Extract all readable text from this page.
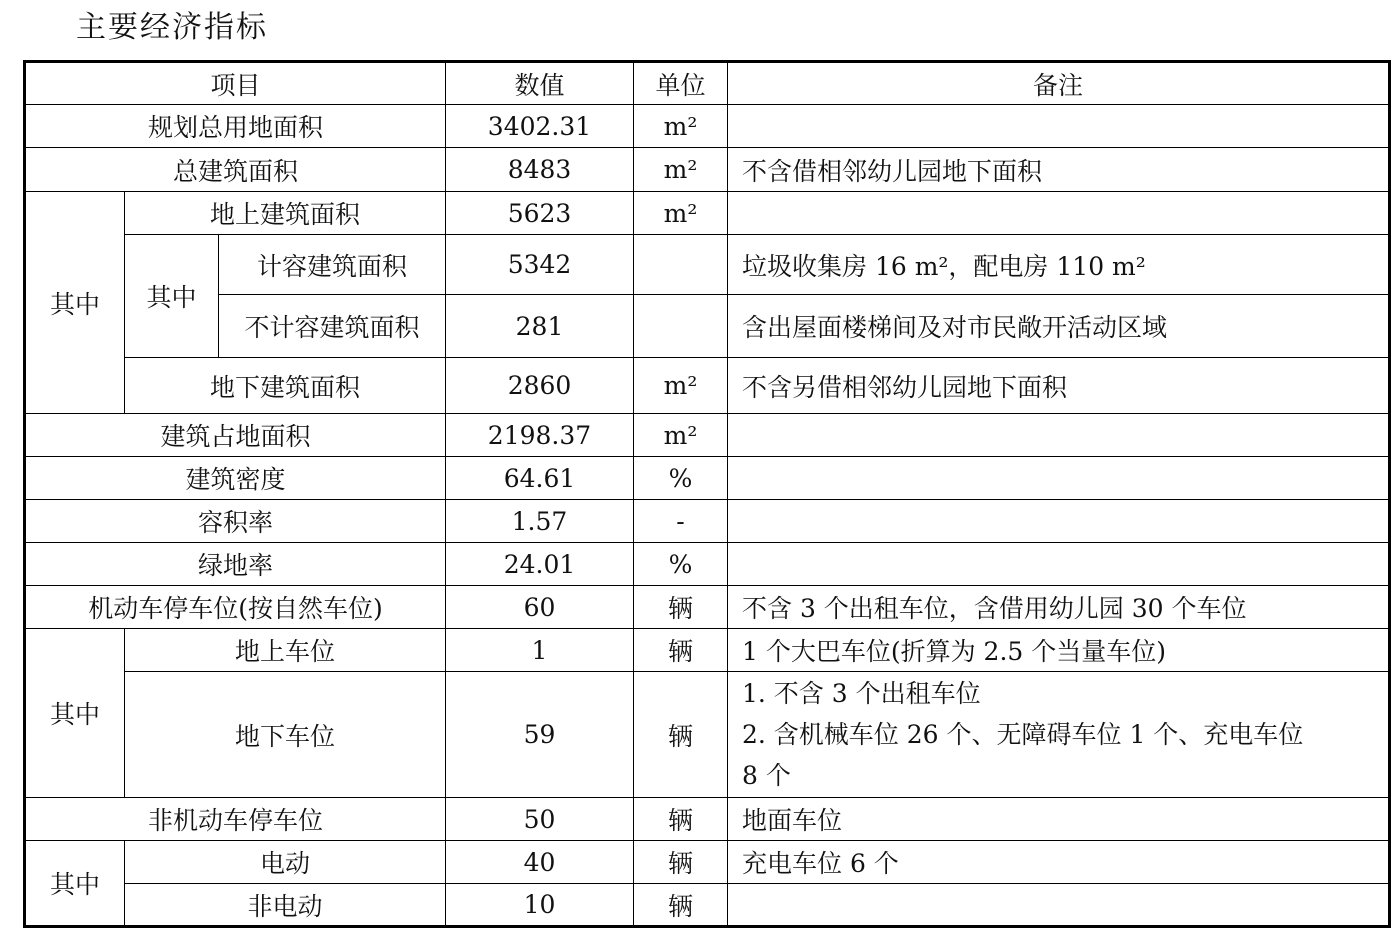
主要经济指标
项目			数值	单位	备注
规划总用地面积			3402.31	m²	
总建筑面积			8483	m²	不含借相邻幼儿园地下面积
其中	地上建筑面积		5623	m²	
	其中	计容建筑面积	5342		垃圾收集房 16 m²，配电房 110 m²
		不计容建筑面积	281		含出屋面楼梯间及对市民敞开活动区域
	地下建筑面积		2860	m²	不含另借相邻幼儿园地下面积
建筑占地面积			2198.37	m²	
建筑密度			64.61	%	
容积率			1.57	-	
绿地率			24.01	%	
机动车停车位(按自然车位)			60	辆	不含 3 个出租车位，含借用幼儿园 30 个车位
其中	地上车位		1	辆	1 个大巴车位(折算为 2.5 个当量车位)
	地下车位		59	辆	1. 不含 3 个出租车位
2. 含机械车位 26 个、无障碍车位 1 个、充电车位
8 个

非机动车停车位			50	辆	地面车位
其中	电动		40	辆	充电车位 6 个
	非电动		10	辆	
